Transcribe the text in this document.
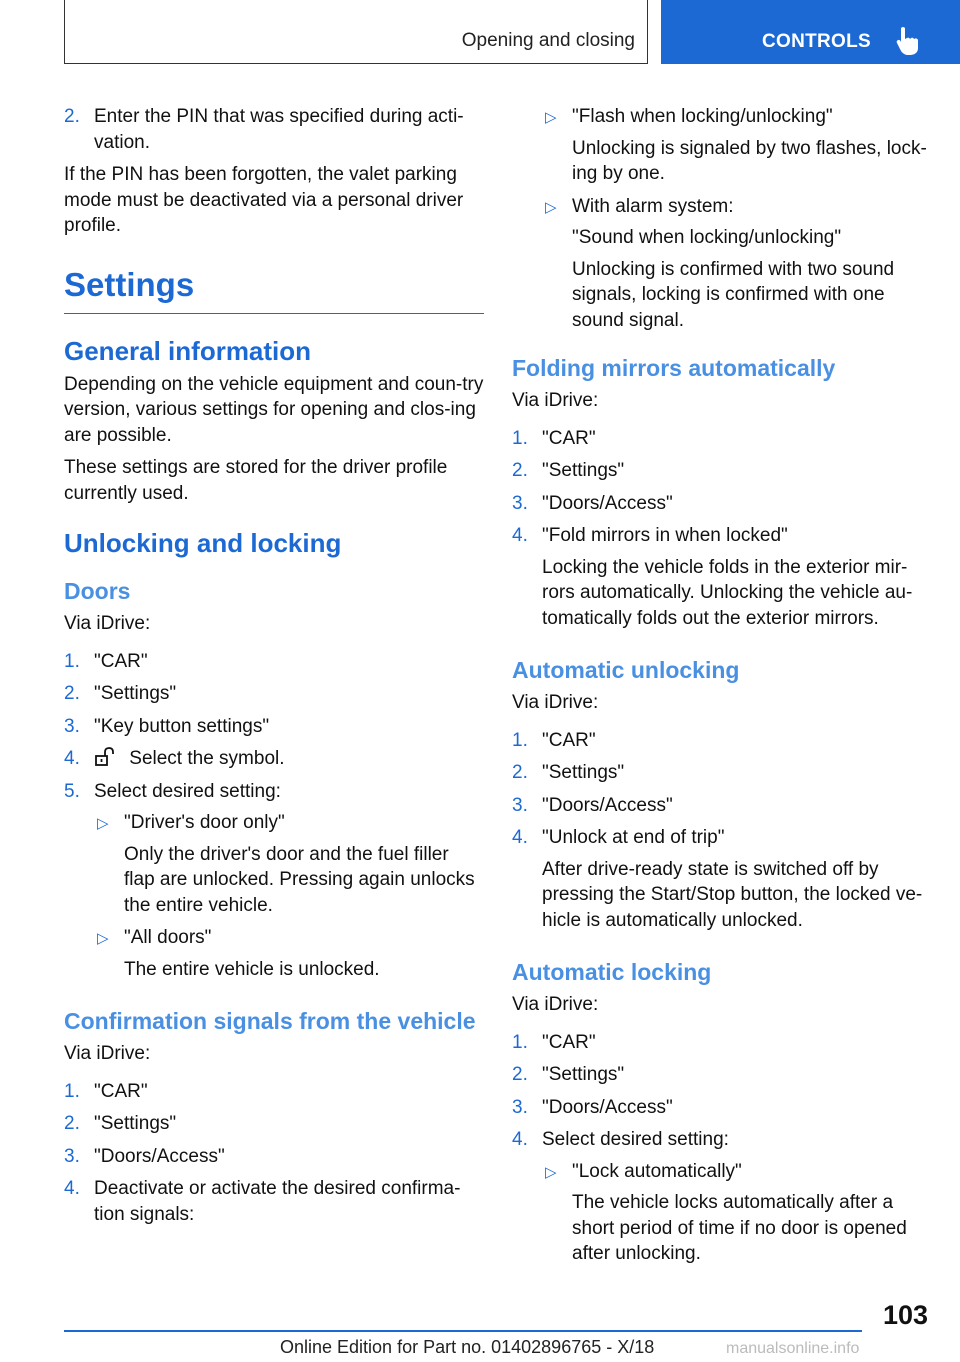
Opening and closing	CONTROLS
2. Enter the PIN that was specified during acti-vation.

If the PIN has been forgotten, the valet parking mode must be deactivated via a personal driver profile.

Settings
General information

Depending on the vehicle equipment and coun-try version, various settings for opening and clos-ing are possible.

These settings are stored for the driver profile currently used.

Unlocking and locking
Doors

Via iDrive:

1. "CAR"
2. "Settings"
3. "Key button settings"
4.	Select the symbol.
5. Select desired setting:
▷ "Driver's door only"
Only the driver's door and the fuel filler flap are unlocked. Pressing again unlocks the entire vehicle.
▷ "All doors"
The entire vehicle is unlocked.
Confirmation signals from the vehicle

Via iDrive:

1. "CAR"
2. "Settings"
3. "Doors/Access"
4. Deactivate or activate the desired confirma-tion signals:
▷ "Flash when locking/unlocking"
Unlocking is signaled by two flashes, lock-ing by one.
▷ With alarm system:
"Sound when locking/unlocking"
Unlocking is confirmed with two sound signals, locking is confirmed with one sound signal.
Folding mirrors automatically

Via iDrive:

1. "CAR"
2. "Settings"
3. "Doors/Access"
4. "Fold mirrors in when locked"
Locking the vehicle folds in the exterior mir-rors automatically. Unlocking the vehicle au-tomatically folds out the exterior mirrors.
Automatic unlocking

Via iDrive:

1. "CAR"
2. "Settings"
3. "Doors/Access"
4. "Unlock at end of trip"
After drive-ready state is switched off by pressing the Start/Stop button, the locked ve-hicle is automatically unlocked.
Automatic locking

Via iDrive:

1. "CAR"
2. "Settings"
3. "Doors/Access"
4. Select desired setting:
▷ "Lock automatically"
The vehicle locks automatically after a short period of time if no door is opened after unlocking.
103
Online Edition for Part no. 01402896765 - X/18	manualsonline.info
